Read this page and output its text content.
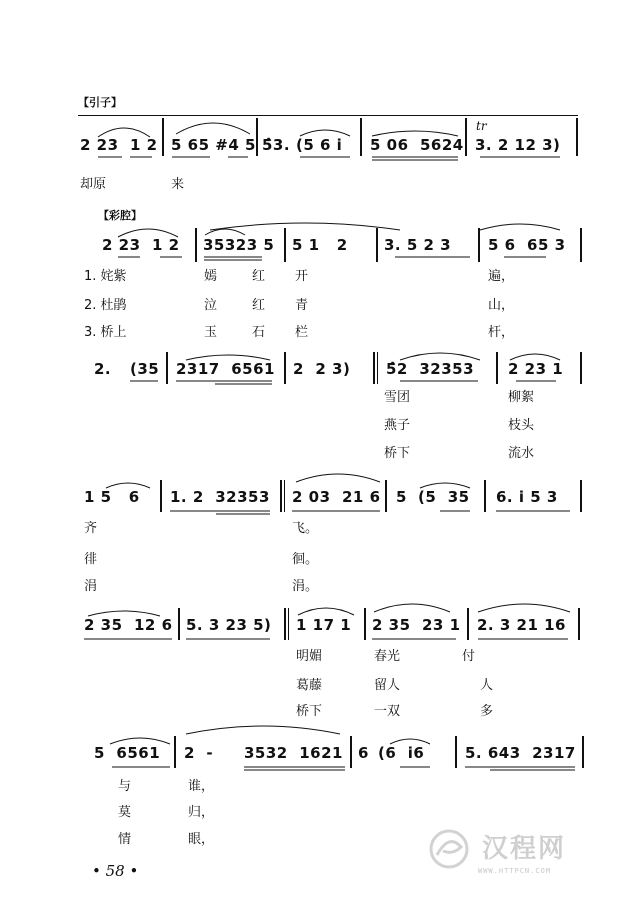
【引子】
2 23  1 2 5 65 #4 5 5̂3. (5 6 i 5 06  5624
tr
3. 2 12 3)
却原	来
【彩腔】
2 23  1 2 35323 5 5 1   2 3. 5 2 3 5 6  65 3
1. 姹紫	嫣	红 开	遍，
2. 杜鹃	泣	红 青	山，
3. 桥上	玉	石 栏	杆，
2. (35 2317  6561 2  2 3) 5̂2  32353 2 23 1
雪团	柳絮
燕子	枝头
桥下	流水
1 5   6 1. 2  32353 2 03  21 6 5 (5  35 6. i 5 3
齐	飞。
徘	徊。
涓	涓。
2 35  12 6 5. 3 23 5) 1 17 1 2 35  23 1 2. 3 21 16
明媚	春光	付
葛藤	留人	人
桥下	一双	多
5  6561 2  - 3532  1621 6 (6  i6	5. 643  2317
与	谁，
莫	归，
情	眼，
• 58 •
汉程网
WWW.HTTPCN.COM
